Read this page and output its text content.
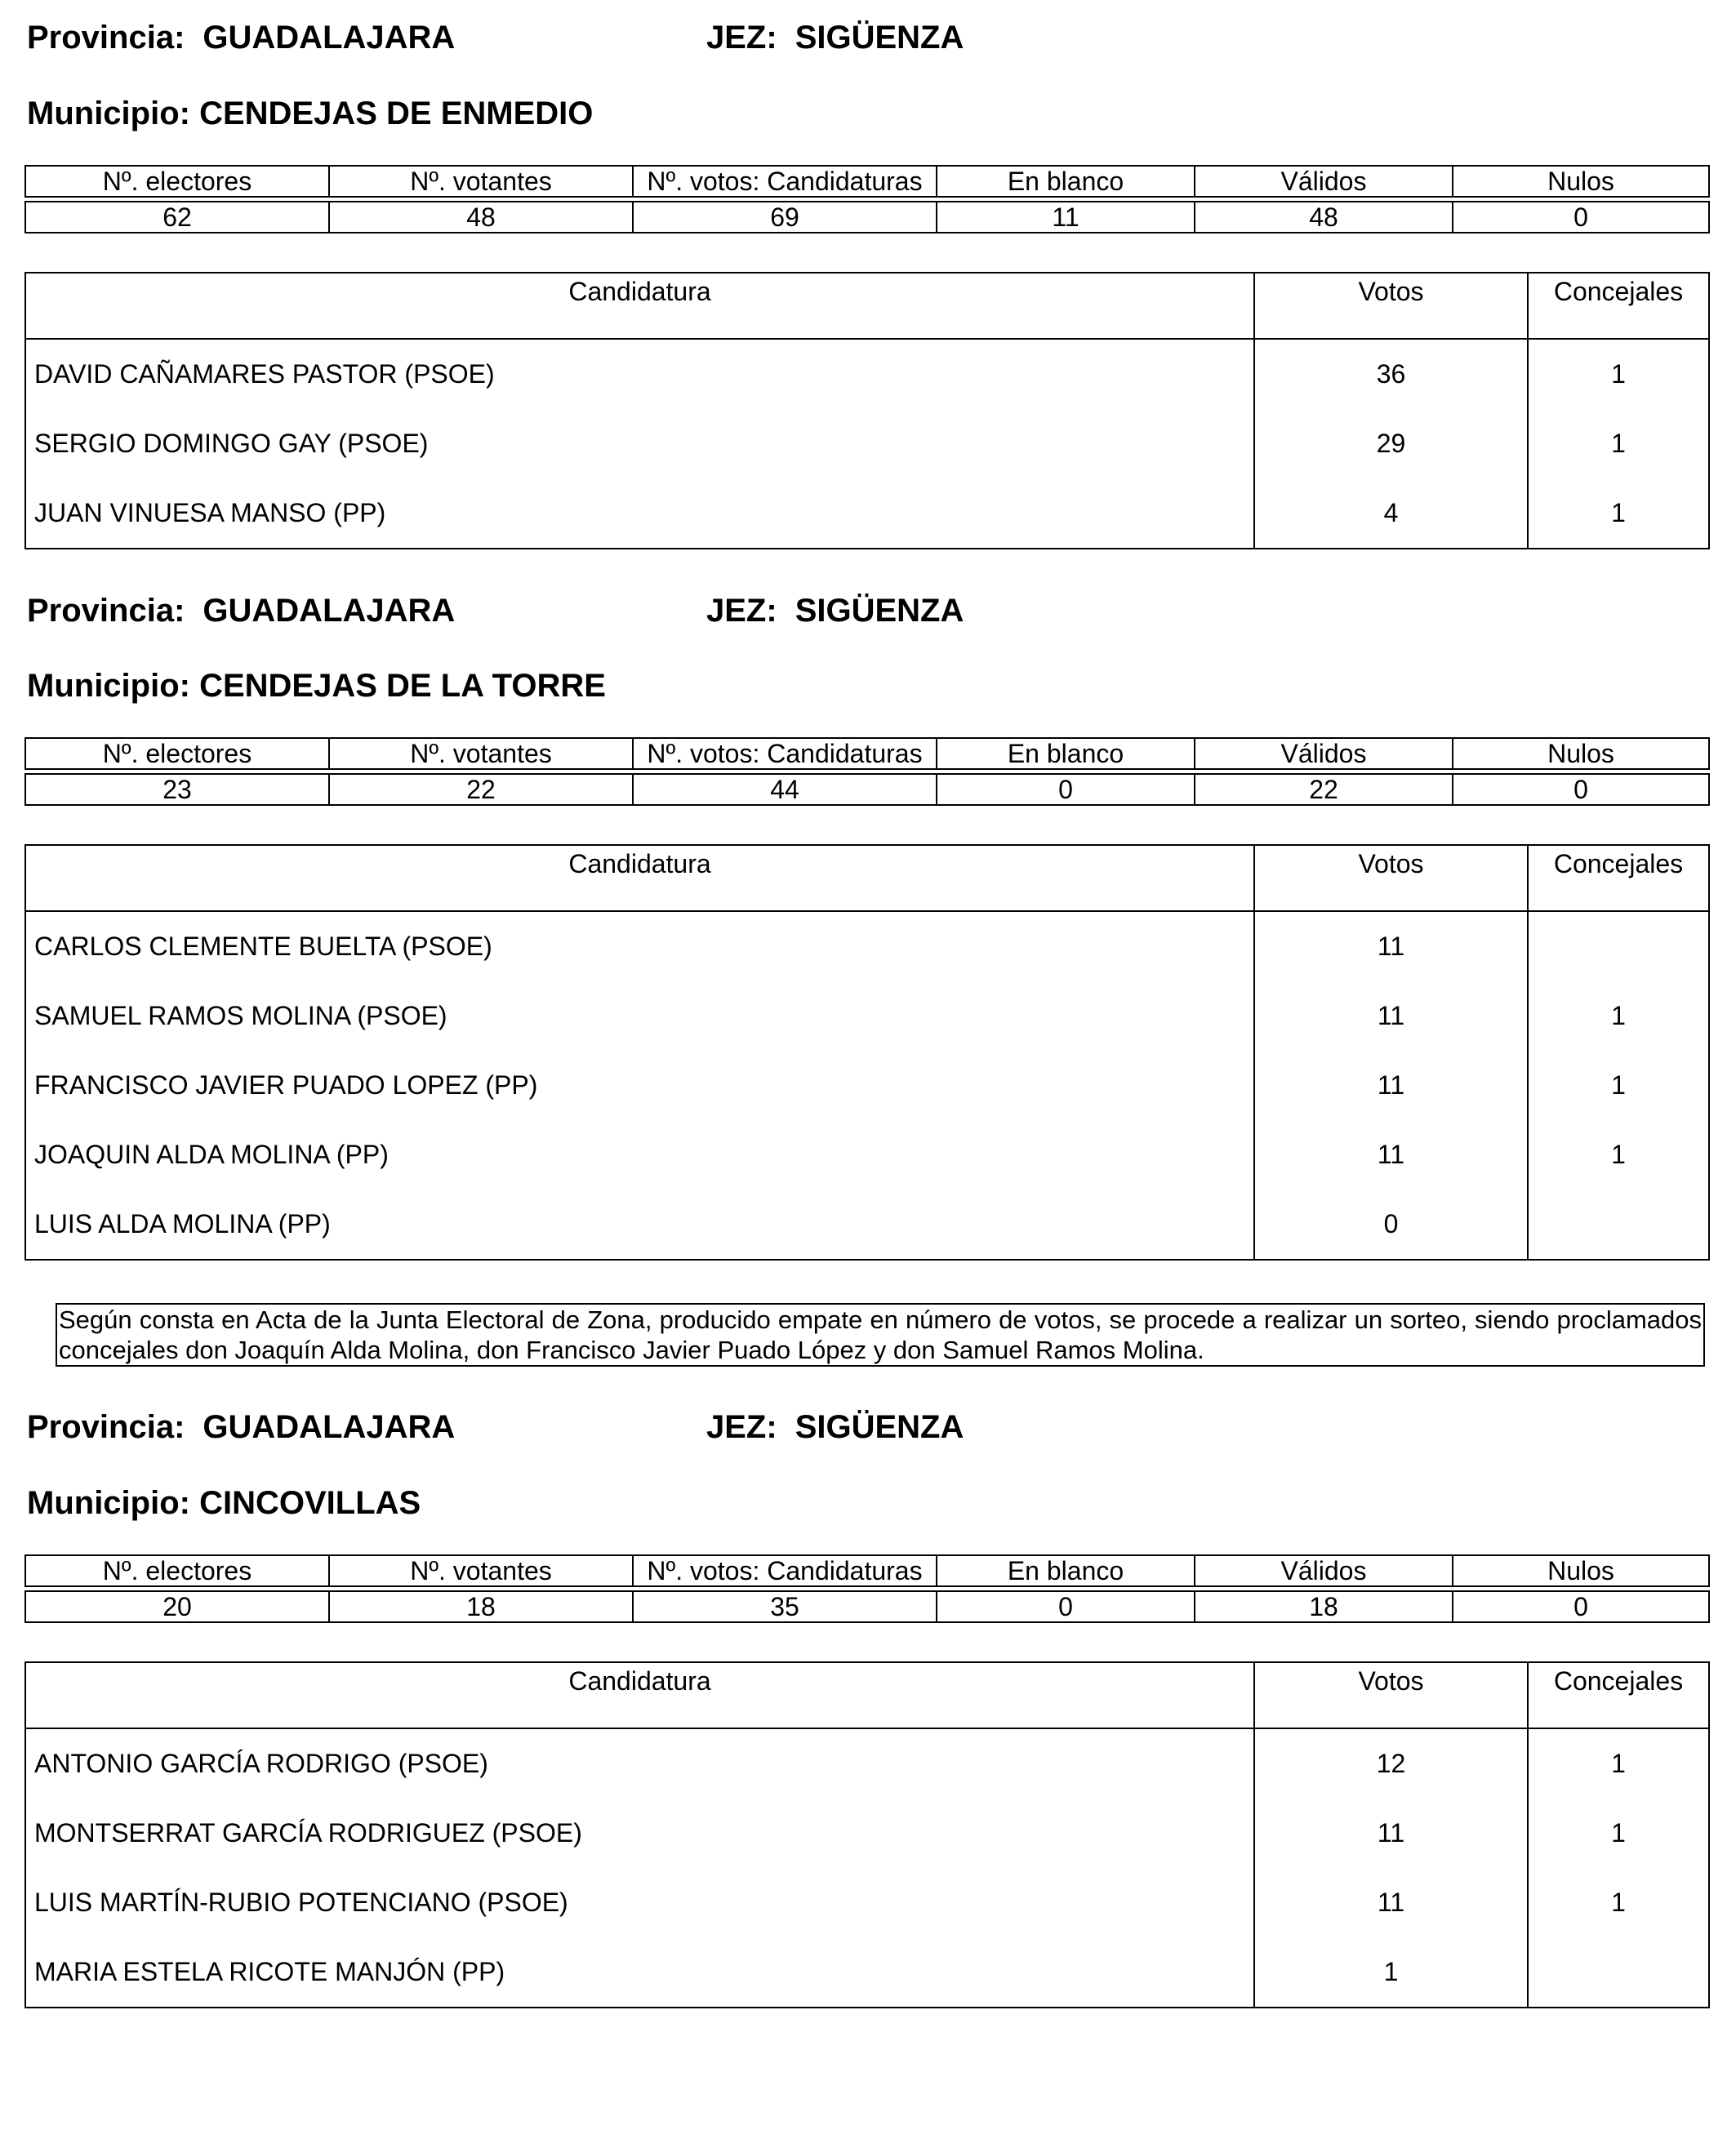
Provincia: GUADALAJARA	JEZ: SIGÜENZA
Municipio: CENDEJAS DE ENMEDIO
Nº. electores	Nº. votantes	Nº. votos: Candidaturas	En blanco	Válidos	Nulos

62	48	69	11	48	0
Candidatura	Votos	Concejales
DAVID CAÑAMARES PASTOR (PSOE)	36	1
SERGIO DOMINGO GAY (PSOE)	29	1
JUAN VINUESA MANSO (PP)	4	1
Provincia: GUADALAJARA	JEZ: SIGÜENZA
Municipio: CENDEJAS DE LA TORRE
Nº. electores	Nº. votantes	Nº. votos: Candidaturas	En blanco	Válidos	Nulos

23	22	44	0	22	0
Candidatura	Votos	Concejales
CARLOS CLEMENTE BUELTA (PSOE)	11	
SAMUEL RAMOS MOLINA (PSOE)	11	1
FRANCISCO JAVIER PUADO LOPEZ (PP)	11	1
JOAQUIN ALDA MOLINA (PP)	11	1
LUIS ALDA MOLINA (PP)	0	
Según consta en Acta de la Junta Electoral de Zona, producido empate en número de votos, se procede a realizar un sorteo, siendo proclamados concejales don Joaquín Alda Molina, don Francisco Javier Puado López y don Samuel Ramos Molina.
Provincia: GUADALAJARA	JEZ: SIGÜENZA
Municipio: CINCOVILLAS
Nº. electores	Nº. votantes	Nº. votos: Candidaturas	En blanco	Válidos	Nulos

20	18	35	0	18	0
Candidatura	Votos	Concejales
ANTONIO GARCÍA RODRIGO (PSOE)	12	1
MONTSERRAT GARCÍA RODRIGUEZ (PSOE)	11	1
LUIS MARTÍN-RUBIO POTENCIANO (PSOE)	11	1
MARIA ESTELA RICOTE MANJÓN (PP)	1	
